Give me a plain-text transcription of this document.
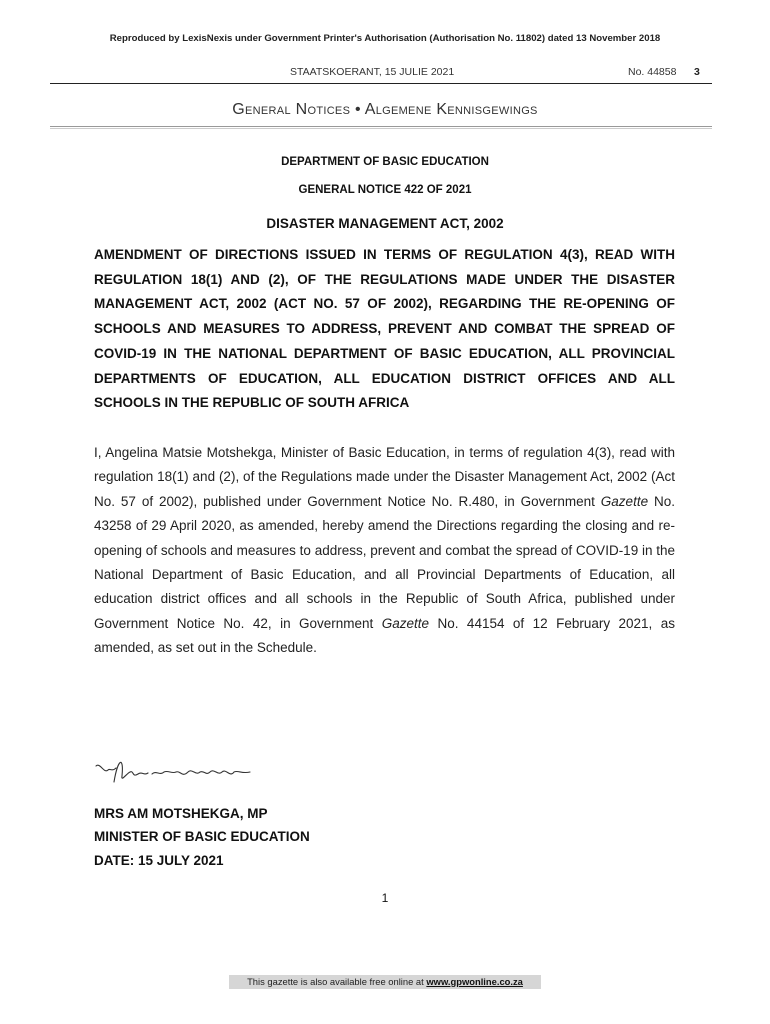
Reproduced by LexisNexis under Government Printer's Authorisation (Authorisation No. 11802) dated 13 November 2018
STAATSKOERANT, 15 JULIE 2021	No. 44858 3
General Notices • Algemene Kennisgewings
DEPARTMENT OF BASIC EDUCATION
GENERAL NOTICE 422 OF 2021
DISASTER MANAGEMENT ACT, 2002
AMENDMENT OF DIRECTIONS ISSUED IN TERMS OF REGULATION 4(3), READ WITH REGULATION 18(1) AND (2), OF THE REGULATIONS MADE UNDER THE DISASTER MANAGEMENT ACT, 2002 (ACT NO. 57 OF 2002), REGARDING THE RE-OPENING OF SCHOOLS AND MEASURES TO ADDRESS, PREVENT AND COMBAT THE SPREAD OF COVID-19 IN THE NATIONAL DEPARTMENT OF BASIC EDUCATION, ALL PROVINCIAL DEPARTMENTS OF EDUCATION, ALL EDUCATION DISTRICT OFFICES AND ALL SCHOOLS IN THE REPUBLIC OF SOUTH AFRICA
I, Angelina Matsie Motshekga, Minister of Basic Education, in terms of regulation 4(3), read with regulation 18(1) and (2), of the Regulations made under the Disaster Management Act, 2002 (Act No. 57 of 2002), published under Government Notice No. R.480, in Government Gazette No. 43258 of 29 April 2020, as amended, hereby amend the Directions regarding the closing and re-opening of schools and measures to address, prevent and combat the spread of COVID-19 in the National Department of Basic Education, and all Provincial Departments of Education, all education district offices and all schools in the Republic of South Africa, published under Government Notice No. 42, in Government Gazette No. 44154 of 12 February 2021, as amended, as set out in the Schedule.
MRS AM MOTSHEKGA, MP
MINISTER OF BASIC EDUCATION
DATE: 15 JULY 2021
1
This gazette is also available free online at www.gpwonline.co.za
